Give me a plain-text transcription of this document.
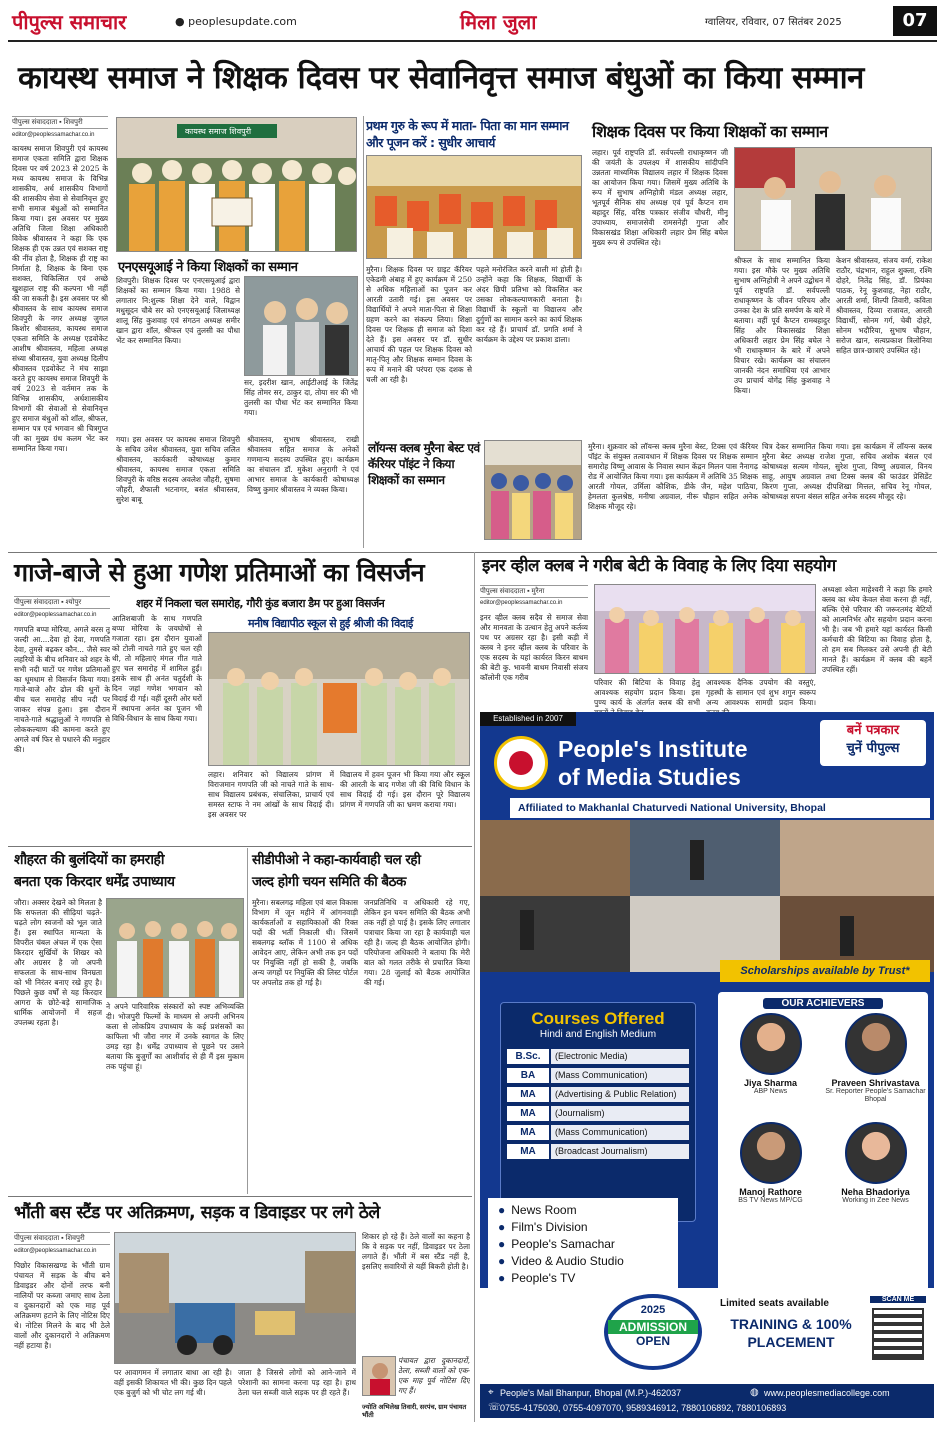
पीपुल्स समाचार	● peoplesupdate.com	मिला जुला	ग्वालियर, रविवार, 07 सितंबर 2025	07
कायस्थ समाज ने शिक्षक दिवस पर सेवानिवृत्त समाज बंधुओं का किया सम्मान
पीपुल्स संवाददाता ▪ शिवपुरी
editor@peoplessamachar.co.in
कायस्थ समाज शिवपुरी एवं कायस्थ समाज एकता समिति द्वारा शिक्षक दिवस पर वर्ष 2023 से 2025 के मध्य कायस्थ समाज के विभिन्न शासकीय, अर्ध शासकीय विभागों की शासकीय सेवा से सेवानिवृत्त हुए सभी समाज बंधुओं को सम्मानित किया गया। इस अवसर पर मुख्य अतिथि जिला शिक्षा अधिकारी विवेक श्रीवास्तव ने कहा कि एक शिक्षक ही एक उन्नत एवं सशक्त राष्ट्र की नींव होता है, शिक्षक ही राष्ट्र का निर्माता है, शिक्षक के बिना एक सशक्त, चिकित्सित एवं अच्छे खुशहाल राष्ट्र की कल्पना भी नहीं की जा सकती है। इस अवसर पर श्री श्रीवास्तव के साथ कायस्थ समाज शिवपुरी के नगर अध्यक्ष जुगल किशोर श्रीवास्तव, कायस्थ समाज एकता समिति के अध्यक्ष एडवोकेट आशीष श्रीवास्तव, महिला अध्यक्ष संध्या श्रीवास्तव, युवा अध्यक्ष दिलीप श्रीवास्तव एडवोकेट ने मंच साझा करते हुए कायस्थ समाज शिवपुरी के वर्ष 2023 से वर्तमान तक के विभिन्न शासकीय, अर्धशासकीय विभागों की सेवाओं से सेवानिवृत्त हुए समाज बंधुओं को शॉल, श्रीफल, सम्मान पत्र एवं भगवान श्री चित्रगुप्त जी का मुख्य ग्रंथ कलम भेंट कर सम्मानित किया गया।
कायस्थ समाज शिवपुरी
एनएसयूआई ने किया शिक्षकों का सम्मान
शिवपुरी। शिक्षक दिवस पर एनएसयूआई द्वारा शिक्षकों का सम्मान किया गया। 1988 से लगातार नि:शुल्क शिक्षा देने वाले, विद्वान मधुसूदन चौबे सर को एनएसयूआई जिलाध्यक्ष शालू सिंह कुशवाह एवं संगठन अध्यक्ष समीर खान द्वारा शॉल, श्रीफल एवं तुलसी का पौधा भेंट कर सम्मानित किया।
सर, इदरीश खान, आईटीआई के जितेंद्र सिंह तोमर सर, ठाकुर दा, तोया सर की भी तुलसी का पौधा भेंट कर सम्मानित किया गया।
गया। इस अवसर पर कायस्थ समाज शिवपुरी के सचिव उमेश श्रीवास्तव, युवा सचिव ललित श्रीवास्तव, कार्यकारी कोषाध्यक्ष कुमार श्रीवास्तव, कायस्थ समाज एकता समिति शिवपुरी के वरिष्ठ सदस्य अवलेश जौहरी, सुषमा जौहरी, शैफाली भटनागर, बसंत श्रीवास्तव, सुरेश बाबू
श्रीवास्तव, सुभाष श्रीवास्तव, राखी श्रीवास्तव सहित समाज के अनेकों गणमान्य सदस्य उपस्थित हुए। कार्यक्रम का संचालन डॉ. मुकेश अनुरागी ने एवं आभार समाज के कार्यकारी कोषाध्यक्ष विष्णु कुमार श्रीवास्तव ने व्यक्त किया।
प्रथम गुरु के रूप में माता- पिता का मान सम्मान और पूजन करें : सुधीर आचार्य
मुरैना। शिक्षक दिवस पर ग्राइट कॅरियर एकेडमी अंबाह में हुए कार्यक्रम में 250 से अधिक महिलाओं का पूजन कर आरती उतारी गई। इस अवसर पर विद्यार्थियों ने अपने माता-पिता से शिक्षा ग्रहण करने का संकल्प लिया। शिक्षा दिवस पर शिक्षक ही समाज को दिशा देते हैं। इस अवसर पर डॉ. सुधीर आचार्य की पहल पर शिक्षक दिवस को मातृ-पितृ और शिक्षक सम्मान दिवस के रूप में मनाने की परंपरा एक दशक से चली आ रही है।
पहले मनोरंजित करने वाली मां होती है। उन्होंने कहा कि शिक्षक, विद्यार्थी के अंदर छिपी प्रतिभा को विकसित कर उसका लोककल्याणकारी बनाता है। विद्यार्थी के स्कूलों या विद्यालय और दुर्गुणों का सामान करने का कार्य शिक्षक कर रहे हैं। प्राचार्य डॉ. प्रगति शर्मा ने कार्यक्रम के उद्देश्य पर प्रकाश डाला।
लॉयन्स क्लब मुरैना बेस्ट एवं कॅरियर पॉइंट ने किया शिक्षकों का सम्मान
शिक्षक दिवस पर किया शिक्षकों का सम्मान
लहार। पूर्व राष्ट्रपति डॉ. सर्वपल्ली राधाकृष्णन जी की जयंती के उपलक्ष्य में शासकीय सांदीपनि उन्नतता माध्यमिक विद्यालय लहार में शिक्षक दिवस का आयोजन किया गया। जिसमें मुख्य अतिथि के रूप में सुभाष अग्निहोत्री मंडल अध्यक्ष लहार, भूतपूर्व सैनिक संघ अध्यक्ष एवं पूर्व कैप्टन राम बहादुर सिंह, वरिष्ठ पत्रकार संजीव चौधरी, मीनू उपाध्याय, समाजसेवी रामसनेही गुप्ता और विकासखंड शिक्षा अधिकारी लहार प्रेम सिंह बघेल मुख्य रूप से उपस्थित रहे।
श्रीफल के साथ सम्मानित किया गया। इस मौके पर मुख्य अतिथि सुभाष अग्निहोत्री ने अपने उद्बोधन में पूर्व राष्ट्रपति डॉ. सर्वपल्ली राधाकृष्णन के जीवन परिचय और उनका देश के प्रति समर्पण के बारे में बताया। वहीं पूर्व कैप्टन रामबहादुर सिंह और विकासखंड शिक्षा अधिकारी लहार प्रेम सिंह बघेल ने भी राधाकृष्णन के बारे में अपने विचार रखे। कार्यक्रम का संचालन जानकी नंदन समाधिया एवं आभार उप प्राचार्य योगेंद्र सिंह कुशवाह ने किया।
केशन श्रीवास्तव, संजय वर्मा, राकेश राठौर, चंद्रभान, राहुल शुक्ला, रश्मि दोहरे, नितेंद्र सिंह, डॉ. प्रियंका पाठक, रेनू कुशवाह, नेहा राठौर, आरती शर्मा, शिल्पी तिवारी, कविता श्रीवास्तव, दिव्या राजावत, आरती विद्यार्थी, सोनम गर्ग, चेबी दोहरे, सोनम भदौरिया, सुभाष चौहान, सरोज खान, सत्यप्रकाश त्रिलोनिया सहित छात्र-छात्राएं उपस्थित रहे।
मुरैना। शुक्रवार को लॉयन्स क्लब मुरैना बेस्ट, टिक्स एवं कॅरियर पॉइंट के संयुक्त तत्वावधान में शिक्षक दिवस पर शिक्षक सम्मान समारोह विष्णु आवास के निवास स्थान केंद्रन मिलन पास नैनागढ़ रोड में आयोजित किया गया। इस कार्यक्रम में अतिथि 35 शिक्षक आरती गोयल, उर्मिला कौशिक, डीके जैन, महेश पाठिया, हेमलता कुलश्रेष्ठ, मनीषा अग्रवाल, नीरू चौहान सहित अनेक शिक्षक मौजूद रहे।
चित्र देकर सम्मानित किया गया। इस कार्यक्रम में लॉयन्स क्लब मुरैना बेस्ट अध्यक्ष राजेश गुप्ता, सचिव अशोक बंसल एवं कोषाध्यक्ष सत्यम गोयल, सुरेश गुप्ता, विष्णु अग्रवाल, विनय साहू, आयुष अग्रवाल तथा टिक्स क्लब की फाउंडर प्रेसिडेंट किरण गुप्ता, अध्यक्ष दीपशिखा मित्तल, सचिव रेनू गोयल, कोषाध्यक्ष सपना बंसल सहित अनेक सदस्य मौजूद रहे।
गाजे-बाजे से हुआ गणेश प्रतिमाओं का विसर्जन
पीपुल्स संवाददाता ▪ श्योपुर
editor@peoplessamachar.co.in
गणपति बप्पा मोरिया, अगले बरस तू जल्दी आ....देवा हो देवा, गणपति देवा, तुमसे बढ़कर कौन... जैसे स्वर लहरियों के बीच शनिवार को शहर के सभी नदी घाटों पर गणेश प्रतिमाओं का धूमधाम से विसर्जन किया गया। गाजे-बाजे और ढोल की धुनों के बीच चल समारोह सीप नदी पर जाकर संपन्न हुआ। इस दौरान नाचते-गाते श्रद्धालुओं ने गणपति से लोककल्याण की कामना करते हुए अगले वर्ष फिर से पधारने की मनुहार की।
शहर में निकला चल समारोह, गौरी कुंड बजारा डैम पर हुआ विसर्जन
आतिशबाजी के साथ गणपति बप्पा मोरिया के जयघोषों से गजाता रहा। इस दौरान युवाओं को टोली नाचते गाते हुए चल रही थी, तो महिलाएं मंगल गीत गाते हुए चल समारोह में शामिल हुईं। इसके साथ ही अनंत चतुर्दशी के दिन जहां गणेश भगवान को विदाई दी गई। वहीं दूसरी ओर घरों में स्थापना अनंत का पूजन भी विधि-विधान के साथ किया गया।
मनीष विद्यापीठ स्कूल से हुई श्रीजी की विदाई
लहार। शनिवार को विद्यालय प्रांगण में विराजमान गणपति जी को नाचते गाते के साथ-साथ विद्यालय प्रबंधक, संचालिका, प्राचार्य एवं समस्त स्टाफ ने नम आंखों के साथ विदाई दी। इस अवसर पर
विद्यालय में हवन पूजन भी किया गया और स्कूल की आरती के बाद गणेश जी की विधि विधान के साथ विदाई दी गई। इस दौरान पूरे विद्यालय प्रांगण में गणपति जी का भ्रमण कराया गया।
इनर व्हील क्लब ने गरीब बेटी के विवाह के लिए दिया सहयोग
पीपुल्स संवाददाता ▪ मुरैना
editor@peoplessamachar.co.in
इनर व्हील क्लब सदैव से समाज सेवा और मानवता के उत्थान हेतु अपने कर्तव्य पथ पर अग्रसर रहा है। इसी कड़ी में क्लब ने इनर व्हील क्लब के परिवार के एक सदस्य के यहां कार्यरत किरन बाथम की बेटी कु. भावनी बाथम निवासी संजय कॉलोनी एक गरीब
परिवार की बिटिया के विवाह हेतु आवश्यक सहयोग प्रदान किया। इस पुण्य कार्य के अंतर्गत क्लब की सभी
आवश्यक दैनिक उपयोग की वस्तुएं, गृहस्थी के सामान एवं शुभ शगुन स्वरूप अन्य आवश्यक सामग्री प्रदान किया।
अध्यक्षा श्वेता माहेश्वरी ने कहा कि हमारे क्लब का ध्येय केवल सेवा करना ही नहीं, बल्कि ऐसे परिवार की जरूरतमंद बेटियों को आत्मनिर्भर और सहयोग प्रदान करना भी है। जब भी हमारे यहां कार्यरत किसी कर्मचारी की बिटिया का विवाह होता है, तो हम सब मिलकर उसे अपनी ही बेटी मानते हैं। कार्यक्रम में क्लब की बहनें उपस्थित रहीं।
Established in 2007
बनें पत्रकार
चुनें पीपुल्स
People's Institute
of Media Studies
Affiliated to Makhanlal Chaturvedi National University, Bhopal
Scholarships available by Trust*
Courses Offered
Hindi and English Medium
B.Sc.	(Electronic Media)
BA	(Mass Communication)
MA	(Advertising & Public Relation)
MA	(Journalism)
MA	(Mass Communication)
MA	(Broadcast Journalism)
OUR ACHIEVERS
Jiya Sharma
ABP News
Praveen Shrivastava
Sr. Reporter People's Samachar Bhopal
Manoj Rathore
BS TV News MP/CG
Neha Bhadoriya
Working in Zee News
● News Room
● Film's Division
● People's Samachar
● Video & Audio Studio
● People's TV
2025
ADMISSION
OPEN
Limited seats available
TRAINING & 100%
PLACEMENT
SCAN ME
⌖ People's Mall Bhanpur, Bhopal (M.P.)-462037	◍ www.peoplesmediacollege.com
☏ 0755-4175030, 0755-4097070, 9589346912, 7880106892, 7880106893
शौहरत की बुलंदियों का हमराही
बनता एक किरदार धर्मेंद्र उपाध्याय
जौरा। अक्सर देखने को मिलता है कि सफलता की सीढ़ियां चढ़ते-चढ़ते लोग स्वजनों को भूल जाते हैं। इस स्थापित मान्यता के विपरीत चंबल अंचल में एक ऐसा किरदार सुर्खियों के शिखर को और अग्रसर है जो अपनी सफलता के साथ-साथ विनम्रता को भी निरंतर बनाए रखे हुए है। पिछले कुछ वर्षों से यह किरदार आगरा के छोटे-बड़े सामाजिक धार्मिक आयोजनों में सहज उपलब्ध रहता है।
ने अपने पारिवारिक संस्कारों को स्पष्ट अभिव्यक्ति दी। भोजपुरी फिल्मों के माध्यम से अपनी अभिनय कला से लोकप्रिय उपाध्याय के कई प्रशंसकों का काफिला भी जौरा नगर में उनके स्वागत के लिए उमड़ रहा है। धर्मेंद्र उपाध्याय से पूछने पर उसने बताया कि बुजुर्गों का आशीर्वाद से ही मैं इस मुकाम तक पहुंचा हूं।
सीडीपीओ ने कहा-कार्यवाही चल रही
जल्द होगी चयन समिति की बैठक
मुरैना। सबलगढ़ महिला एवं बाल विकास विभाग में जून महीने में आंगनवाड़ी कार्यकर्ताओं व सहायिकाओं की रिक्त पदों की भर्ती निकाली थी। जिसमें सबलगढ़ ब्लॉक में 1100 से अधिक आवेदन आए, लेकिन अभी तक इन पदों पर नियुक्ति नहीं हो सकी है, जबकि अन्य जगहों पर नियुक्ति की लिस्ट पोर्टल पर अपलोड तक हो गई है।
जनप्रतिनिधि व अधिकारी रहे गए, लेकिन इन चयन समिति की बैठक अभी तक नहीं हो पाई है। इसके लिए लगातार पत्राचार किया जा रहा है कार्यवाही चल रही है। जल्द ही बैठक आयोजित होगी। परियोजना अधिकारी ने बताया कि मेरी बात को गलत तरीके से प्रचारित किया गया। 28 जुलाई को बैठक आयोजित की गई।
भौंती बस स्टैंड पर अतिक्रमण, सड़क व डिवाइडर पर लगे ठेले
पीपुल्स संवाददाता ▪ शिवपुरी
editor@peoplessamachar.co.in
पिछोर विकासखण्ड के भौंती ग्राम पंचायत में सड़क के बीच बने डिवाइडर और दोनों तरफ बनी नालियों पर कब्जा जमाए साथ ठेला व दुकानदारों को एक माह पूर्व अतिक्रमण हटाने के लिए नोटिस दिए थे। नोटिस मिलने के बाद भी ठेले वालों और दुकानदारों ने अतिक्रमण नहीं हटाया है।
पर आवागमन में लगातार बाधा आ रही है। वहीं इसकी शिकायत भी की। कुछ दिन पहले एक बुजुर्ग को भी चोट लग गई थी।
जाता है जिससे लोगों को आने-जाने में परेशानी का सामना करना पड़ रहा है। हाथ ठेला चल सब्जी वाले सड़क पर ही रहते हैं।
शिकार हो रहे हैं। ठेले वालों का कहना है कि वे सड़क पर नहीं, डिवाइडर पर ठेला लगाते हैं। भौंती में बस स्टैंड नहीं है, इसलिए सवारियों से यहीं बिकरी होती है।
पंचायत द्वारा दुकानदारों, ठेला, सब्जी वालों को एक-एक माह पूर्व नोटिस दिए गए हैं।
ज्योति अभिलेख तिवारी, सरपंच, ग्राम पंचायत भौंती
